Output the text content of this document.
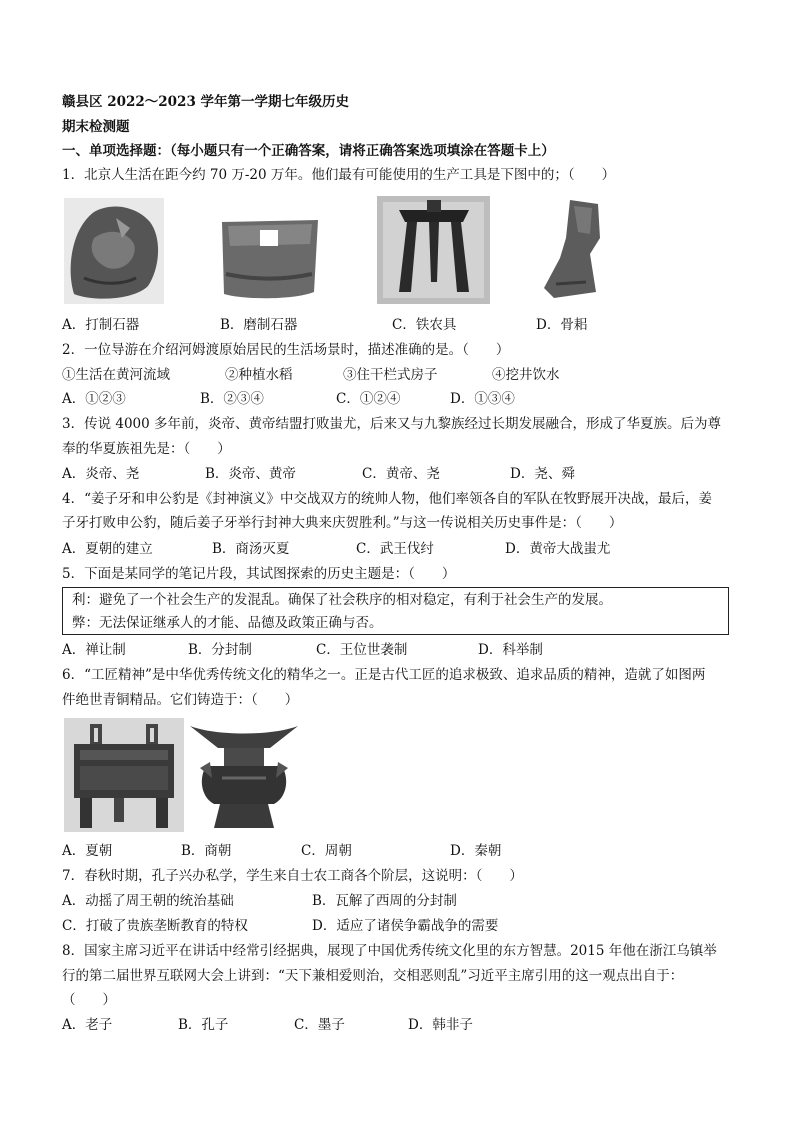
赣县区 2022～2023 学年第一学期七年级历史
期末检测题
一、单项选择题：（每小题只有一个正确答案，请将正确答案选项填涂在答题卡上）
1．北京人生活在距今约 70 万-20 万年。他们最有可能使用的生产工具是下图中的；（　　）
A．打制石器	B．磨制石器	C．铁农具	D．骨耜
2．一位导游在介绍河姆渡原始居民的生活场景时，描述准确的是。（　　）
①生活在黄河流域	②种植水稻	③住干栏式房子	④挖井饮水
A．①②③	B．②③④	C．①②④	D．①③④
3．传说 4000 多年前，炎帝、黄帝结盟打败蚩尤，后来又与九黎族经过长期发展融合，形成了华夏族。后为尊
奉的华夏族祖先是：（　　）
A．炎帝、尧	B．炎帝、黄帝	C．黄帝、尧	D．尧、舜
4．“姜子牙和申公豹是《封神演义》中交战双方的统帅人物，他们率领各自的军队在牧野展开决战，最后，姜
子牙打败申公豹，随后姜子牙举行封神大典来庆贺胜利。”与这一传说相关历史事件是：（　　）
A．夏朝的建立	B．商汤灭夏	C．武王伐纣	D．黄帝大战蚩尤
5．下面是某同学的笔记片段，其试图探索的历史主题是：（　　）
利：避免了一个社会生产的发混乱。确保了社会秩序的相对稳定，有利于社会生产的发展。
弊：无法保证继承人的才能、品德及政策正确与否。
A．禅让制	B．分封制	C．王位世袭制	D．科举制
6．“工匠精神”是中华优秀传统文化的精华之一。正是古代工匠的追求极致、追求品质的精神，造就了如图两
件绝世青铜精品。它们铸造于：（　　）
A．夏朝	B．商朝	C．周朝	D．秦朝
7．春秋时期，孔子兴办私学，学生来自士农工商各个阶层，这说明：（　　）
A．动摇了周王朝的统治基础	B．瓦解了西周的分封制
C．打破了贵族垄断教育的特权	D．适应了诸侯争霸战争的需要
8．国家主席习近平在讲话中经常引经据典，展现了中国优秀传统文化里的东方智慧。2015 年他在浙江乌镇举
行的第二届世界互联网大会上讲到：“天下兼相爱则治，交相恶则乱”习近平主席引用的这一观点出自于：
（　　）
A．老子	B．孔子	C．墨子	D．韩非子
